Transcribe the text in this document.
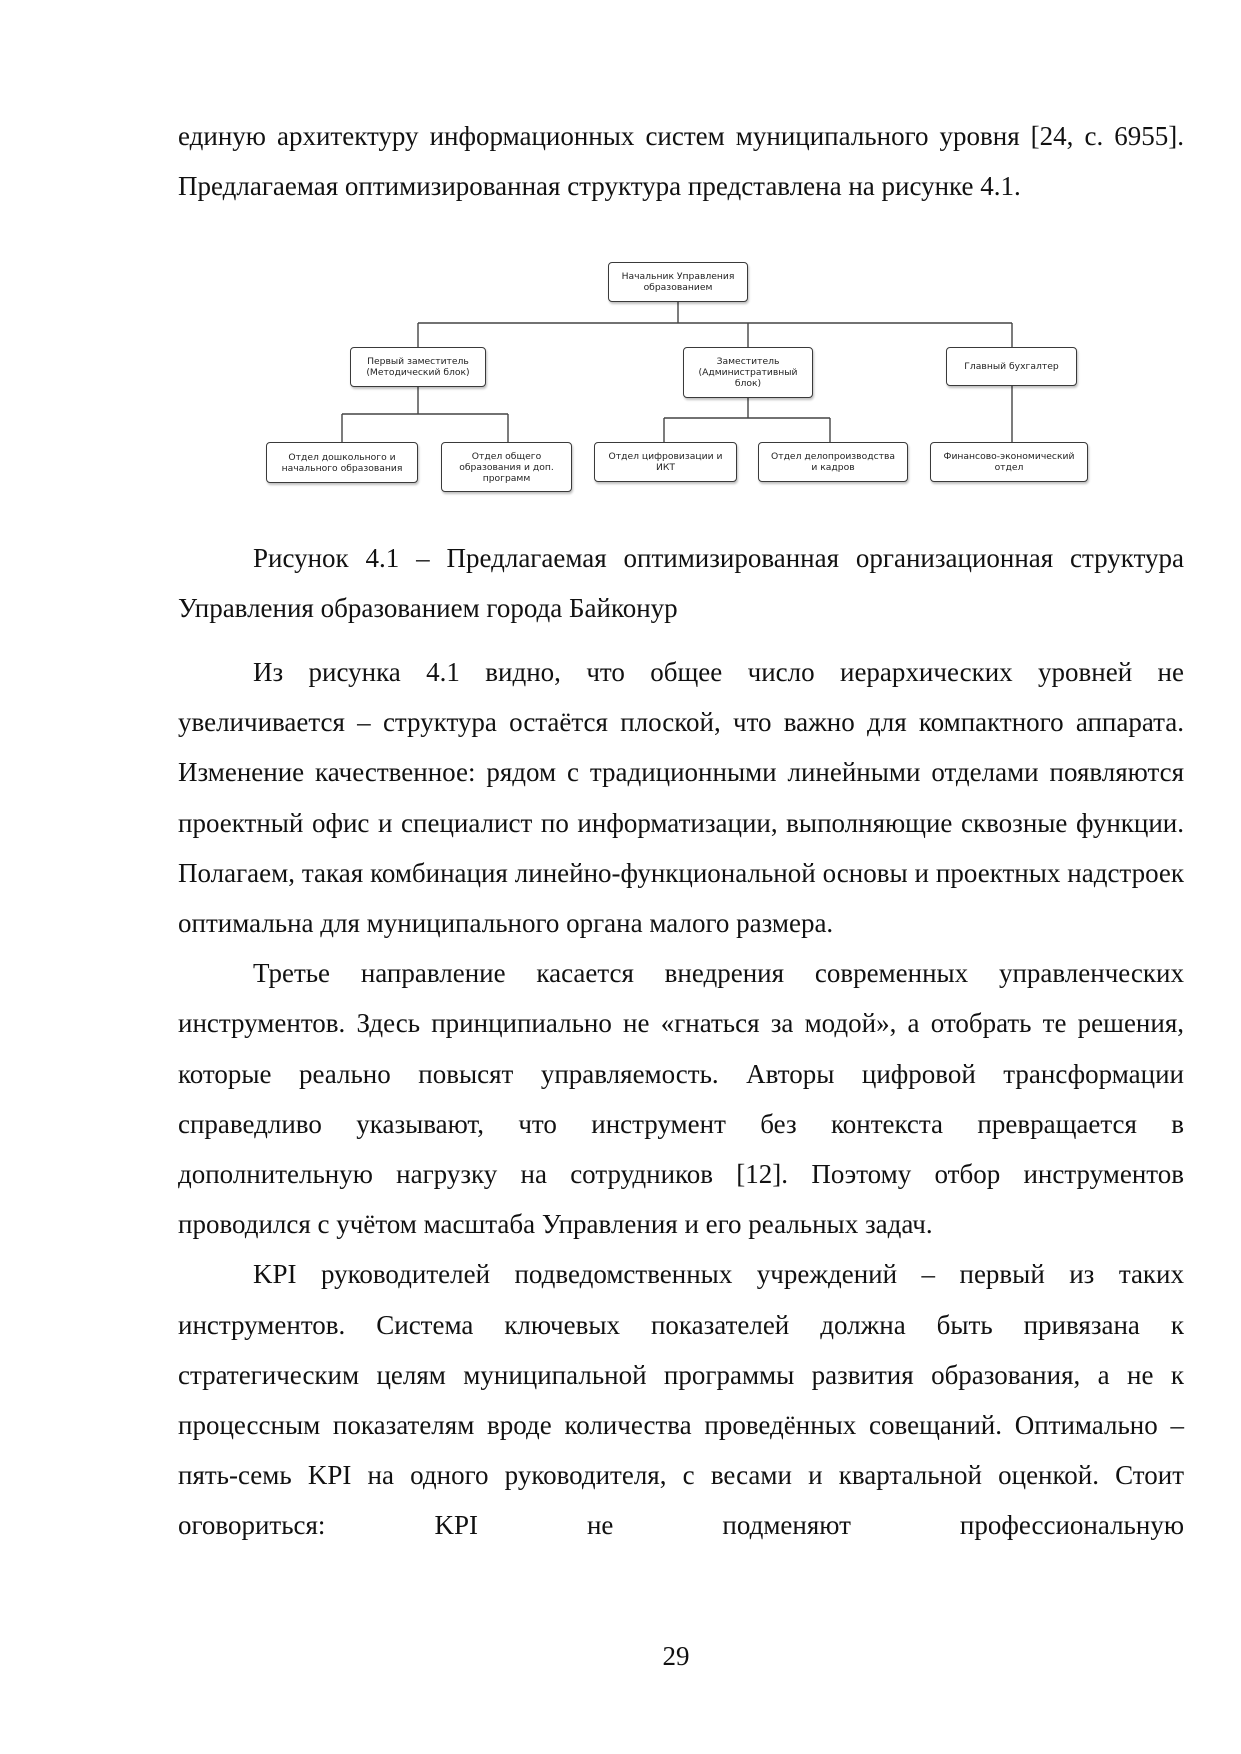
единую архитектуру информационных систем муниципального уровня [24, с. 6955]. Предлагаемая оптимизированная структура представлена на рисунке 4.1.

Начальник Управления
образованием
Первый заместитель
(Методический блок)
Заместитель
(Административный
блок)
Главный бухгалтер
Отдел дошкольного и
начального образования
Отдел общего
образования и доп.
программ
Отдел цифровизации и
ИКТ
Отдел делопроизводства
и кадров
Финансово-экономический
отдел

Рисунок 4.1 – Предлагаемая оптимизированная организационная структура Управления образованием города Байконур

Из рисунка 4.1 видно, что общее число иерархических уровней не увеличивается – структура остаётся плоской, что важно для компактного аппарата. Изменение качественное: рядом с традиционными линейными отделами появляются проектный офис и специалист по информатизации, выполняющие сквозные функции. Полагаем, такая комбинация линейно-функциональной основы и проектных надстроек оптимальна для муниципального органа малого размера.

Третье направление касается внедрения современных управленческих инструментов. Здесь принципиально не «гнаться за модой», а отобрать те решения, которые реально повысят управляемость. Авторы цифровой трансформации справедливо указывают, что инструмент без контекста превращается в дополнительную нагрузку на сотрудников [12]. Поэтому отбор инструментов проводился с учётом масштаба Управления и его реальных задач.

KPI руководителей подведомственных учреждений – первый из таких инструментов. Система ключевых показателей должна быть привязана к стратегическим целям муниципальной программы развития образования, а не к процессным показателям вроде количества проведённых совещаний. Оптимально – пять-семь KPI на одного руководителя, с весами и квартальной оценкой. Стоит оговориться: KPI не подменяют профессиональную

29
